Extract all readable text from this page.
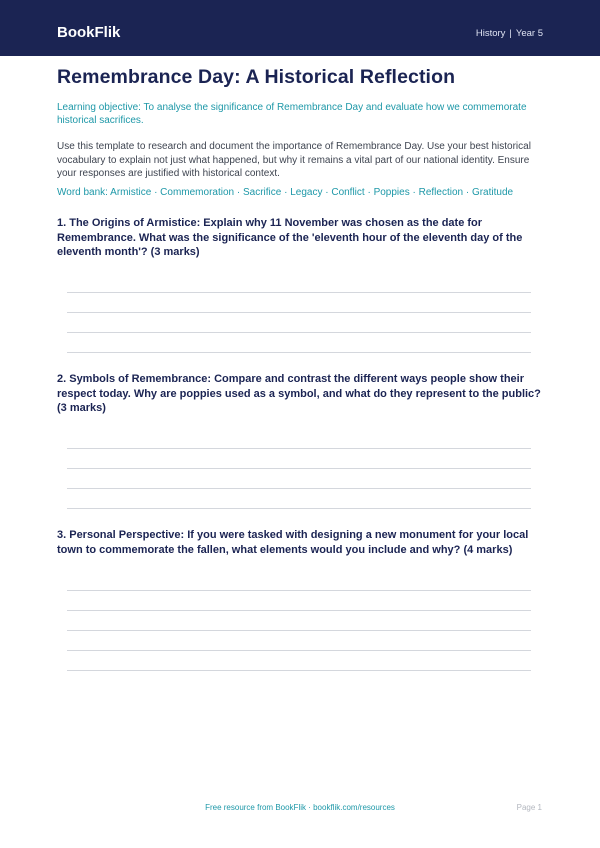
BookFlik	History | Year 5
Remembrance Day: A Historical Reflection

Learning objective: To analyse the significance of Remembrance Day and evaluate how we commemorate historical sacrifices.

Use this template to research and document the importance of Remembrance Day. Use your best historical vocabulary to explain not just what happened, but why it remains a vital part of our national identity. Ensure your responses are justified with historical context.

Word bank: Armistice · Commemoration · Sacrifice · Legacy · Conflict · Poppies · Reflection · Gratitude

1. The Origins of Armistice: Explain why 11 November was chosen as the date for Remembrance. What was the significance of the 'eleventh hour of the eleventh day of the eleventh month'? (3 marks)

2. Symbols of Remembrance: Compare and contrast the different ways people show their respect today. Why are poppies used as a symbol, and what do they represent to the public? (3 marks)

3. Personal Perspective: If you were tasked with designing a new monument for your local town to commemorate the fallen, what elements would you include and why? (4 marks)

Free resource from BookFlik · bookflik.com/resources	Page 1
